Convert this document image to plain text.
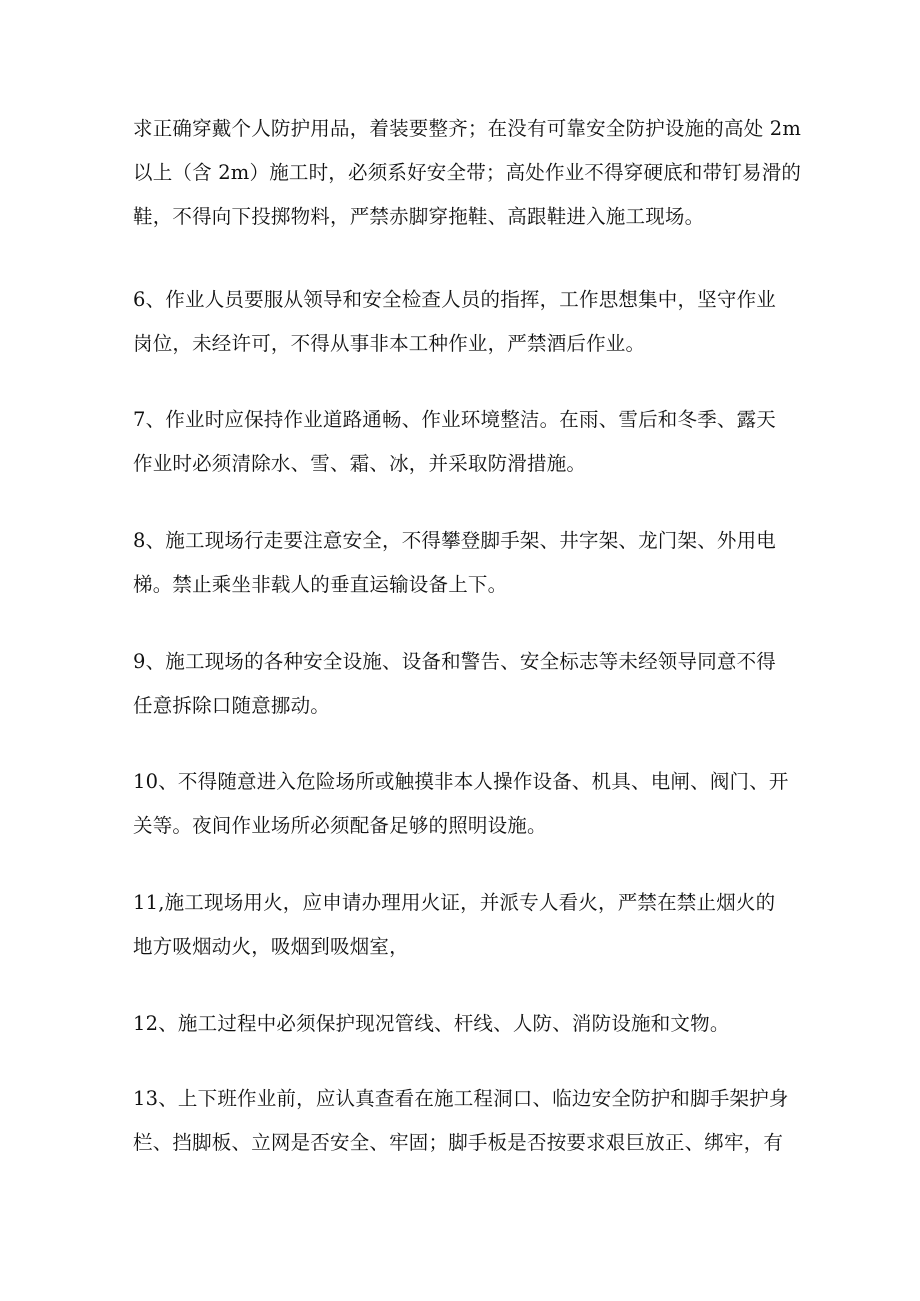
求正确穿戴个人防护用品，着装要整齐；在没有可靠安全防护设施的高处 2m
以上（含 2m）施工时，必须系好安全带；高处作业不得穿硬底和带钉易滑的
鞋，不得向下投掷物料，严禁赤脚穿拖鞋、高跟鞋进入施工现场。

6、作业人员要服从领导和安全检查人员的指挥，工作思想集中，坚守作业
岗位，未经许可，不得从事非本工种作业，严禁酒后作业。

7、作业时应保持作业道路通畅、作业环境整洁。在雨、雪后和冬季、露天
作业时必须清除水、雪、霜、冰，并采取防滑措施。

8、施工现场行走要注意安全，不得攀登脚手架、井字架、龙门架、外用电
梯。禁止乘坐非载人的垂直运输设备上下。

9、施工现场的各种安全设施、设备和警告、安全标志等未经领导同意不得
任意拆除口随意挪动。

10、不得随意进入危险场所或触摸非本人操作设备、机具、电闸、阀门、开
关等。夜间作业场所必须配备足够的照明设施。

11,施工现场用火，应申请办理用火证，并派专人看火，严禁在禁止烟火的
地方吸烟动火，吸烟到吸烟室，

12、施工过程中必须保护现况管线、杆线、人防、消防设施和文物。

13、上下班作业前，应认真查看在施工程洞口、临边安全防护和脚手架护身
栏、挡脚板、立网是否安全、牢固；脚手板是否按要求艰巨放正、绑牢，有
